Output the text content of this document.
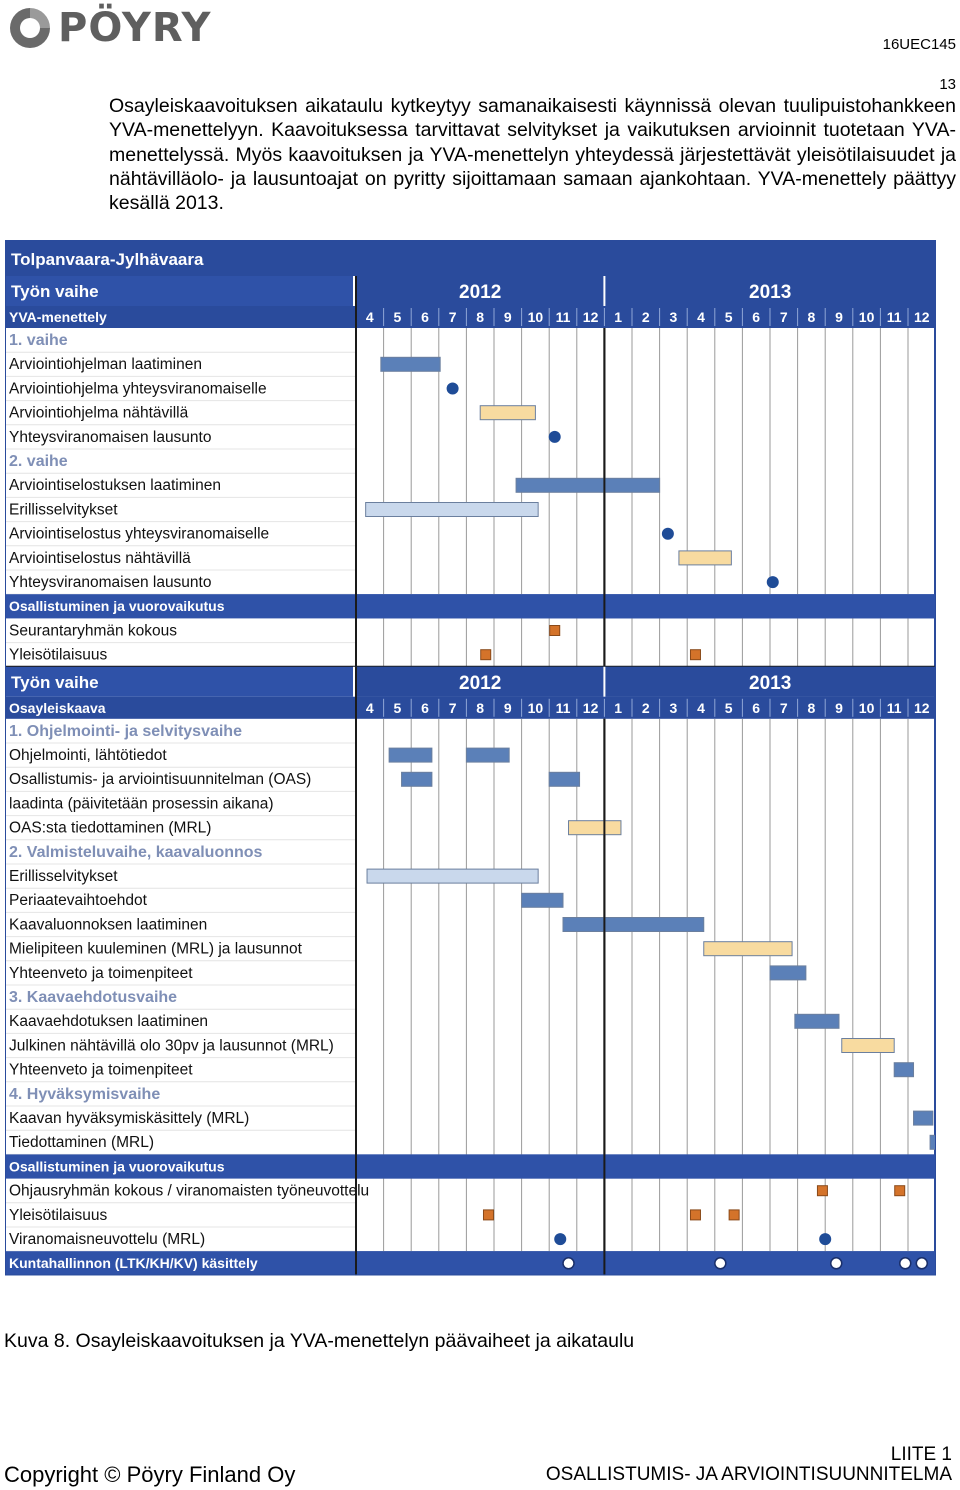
PÖYRY	16UEC145
13
Osayleiskaavoituksen aikataulu kytkeytyy samanaikaisesti käynnissä olevan tuulipuistohankkeen YVA-menettelyyn. Kaavoituksessa tarvittavat selvitykset ja vaikutuksen arvioinnit tuotetaan YVA-menettelyssä. Myös kaavoituksen ja YVA-menettelyn yhteydessä järjestettävät yleisötilaisuudet ja nähtävilläolo- ja lausuntoajat on pyritty sijoittamaan samaan ajankohtaan. YVA-menettely päättyy kesällä 2013.
Tolpanvaara-Jylhävaara
Työn vaihe	2012	2013
YVA-menettely	4 5 6 7 8 9 10 11 12 1 2 3 4 5 6 7 8 9 10 11 12
1. vaihe
Arviointiohjelman laatiminen
Arviointiohjelma yhteysviranomaiselle
Arviointiohjelma nähtävillä
Yhteysviranomaisen lausunto
2. vaihe
Arviointiselostuksen laatiminen
Erillisselvitykset
Arviointiselostus yhteysviranomaiselle
Arviointiselostus nähtävillä
Yhteysviranomaisen lausunto
Osallistuminen ja vuorovaikutus
Seurantaryhmän kokous
Yleisötilaisuus
Työn vaihe	2012	2013
Osayleiskaava	4 5 6 7 8 9 10 11 12 1 2 3 4 5 6 7 8 9 10 11 12
1. Ohjelmointi- ja selvitysvaihe
Ohjelmointi, lähtötiedot
Osallistumis- ja arviointisuunnitelman (OAS)
laadinta (päivitetään prosessin aikana)
OAS:sta tiedottaminen (MRL)
2. Valmisteluvaihe, kaavaluonnos
Erillisselvitykset
Periaatevaihtoehdot
Kaavaluonnoksen laatiminen
Mielipiteen kuuleminen (MRL) ja lausunnot
Yhteenveto ja toimenpiteet
3. Kaavaehdotusvaihe
Kaavaehdotuksen laatiminen
Julkinen nähtävillä olo 30pv ja lausunnot (MRL)
Yhteenveto ja toimenpiteet
4. Hyväksymisvaihe
Kaavan hyväksymiskäsittely (MRL)
Tiedottaminen (MRL)
Osallistuminen ja vuorovaikutus
Ohjausryhmän kokous / viranomaisten työneuvottelu
Yleisötilaisuus
Viranomaisneuvottelu (MRL)
Kuntahallinnon (LTK/KH/KV) käsittely
Kuva 8. Osayleiskaavoituksen ja YVA-menettelyn päävaiheet ja aikataulu
LIITE 1
Copyright © Pöyry Finland Oy	OSALLISTUMIS- JA ARVIOINTISUUNNITELMA
